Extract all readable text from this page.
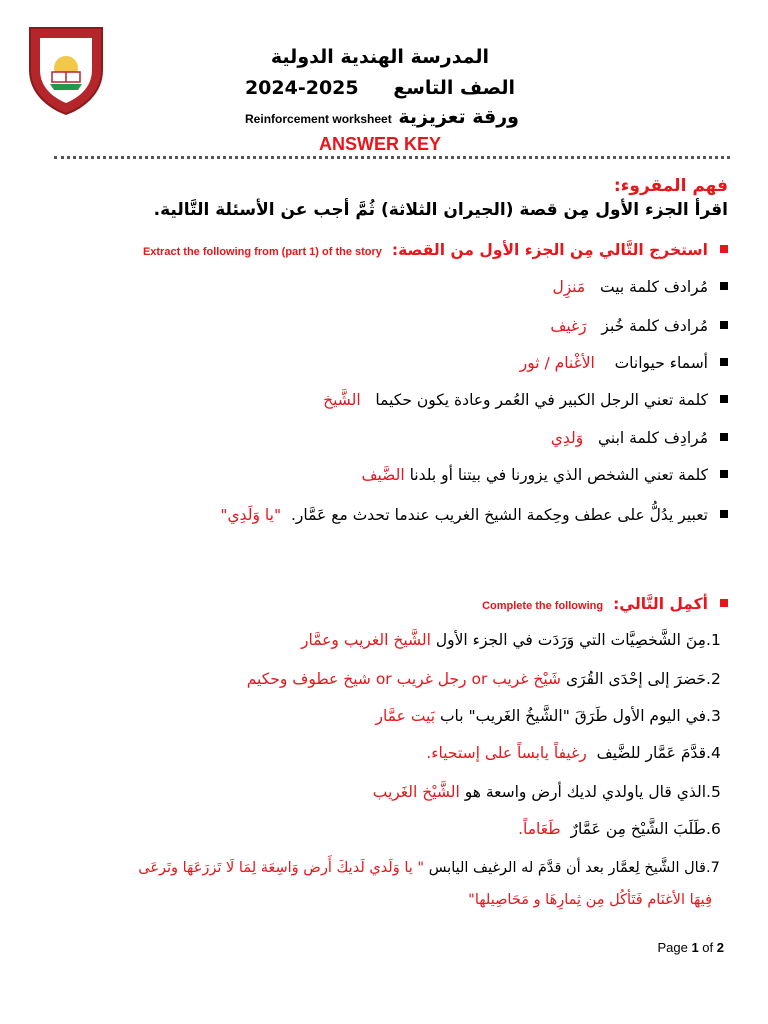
المدرسة الهندية الدولية
الصف التاسع 2024-2025
ورقة تعزيزية Reinforcement worksheet
ANSWER KEY
فهم المقروء:
اقرأ الجزء الأول مِن قصة (الجيران الثلاثة) ثُمَّ أجب عن الأسئلة التَّالية.
استخرج التَّالي مِن الجزء الأول من القصة:Extract the following from (part 1) of the story
مُرادف كلمة بيت   مَنزِل
مُرادف كلمة خُبز   رَغيف
أسماء حيوانات    الأغْنام / ثور
كلمة تعني الرجل الكبير في العُمر وعادة يكون حكيما   الشَّيخ
مُرادِف كلمة ابني   وَلدِي
كلمة تعني الشخص الذي يزورنا في بيتنا أو بلدنا الضَّيف
تعبير يدُلُّ على عطف وحِكمة الشيخ الغريب عندما تحدث مع عَمَّار.  "يا وَلَدِي"
أكمِل التَّالي:Complete the following
1.مِنَ الشَّخصِيَّات التي وَرَدَت في الجزء الأول الشَّيخ الغريب وعمَّار
2.حَضرَ إلى إحْدَى القُرَى شَيْخ غريب or رجل غريب or شيخ عطوف وحكيم
3.في اليوم الأول طَرَقَ "الشَّيخُ الغَريب" باب بَيت عمَّار
4.قدَّمَ عَمَّار للضَّيف  رغيفاً يابساً على إستحياء.
5.الذي قال ياولدي لديك أرض واسعة هو الشَّيْخ الغَريب
6.طَلَبَ الشَّيْخ مِن عَمَّارٌ  طَعَاماً.
7.قال الشَّيخ لِعمَّار بعد أن قدَّمَ له الرغيف اليابس " يا وَلَدي لَديكَ أَرض وَاسِعَة لِمَا لَا تَزرَعَهَا وتَرعَى
فِيهَا الأغنَام فَتَأكُل مِن ثِمارِهَا و مَحَاصِيلها"
Page 1 of 2
